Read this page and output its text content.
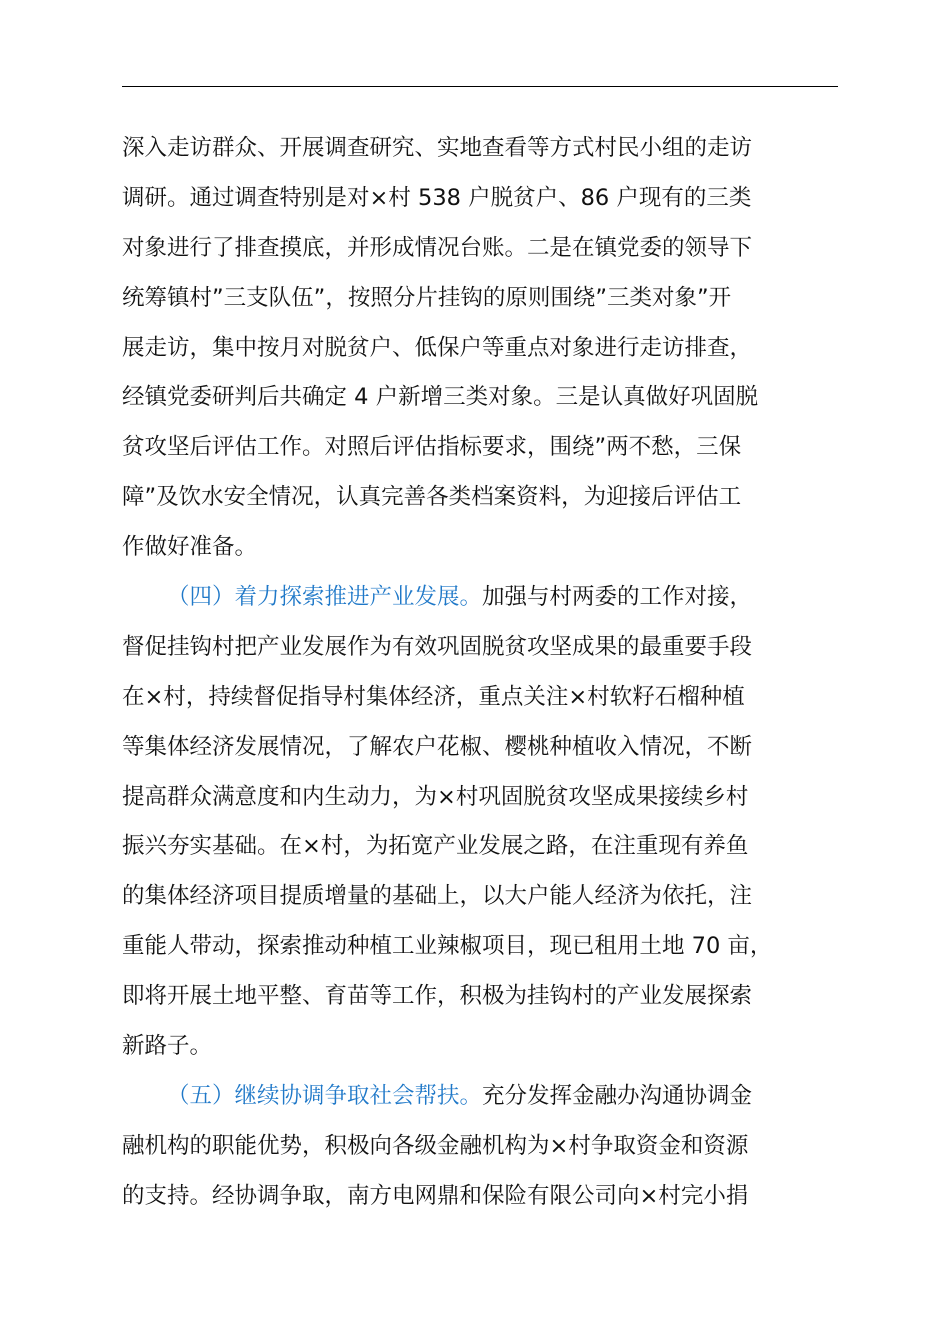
深入走访群众、开展调查研究、实地查看等方式村民小组的走访
调研。通过调查特别是对×村 538 户脱贫户、86 户现有的三类
对象进行了排查摸底，并形成情况台账。二是在镇党委的领导下
统筹镇村”三支队伍”，按照分片挂钩的原则围绕”三类对象”开
展走访，集中按月对脱贫户、低保户等重点对象进行走访排查，
经镇党委研判后共确定 4 户新增三类对象。三是认真做好巩固脱
贫攻坚后评估工作。对照后评估指标要求，围绕”两不愁，三保
障”及饮水安全情况，认真完善各类档案资料，为迎接后评估工
作做好准备。
（四）着力探索推进产业发展。加强与村两委的工作对接，
督促挂钩村把产业发展作为有效巩固脱贫攻坚成果的最重要手段
在×村，持续督促指导村集体经济，重点关注×村软籽石榴种植
等集体经济发展情况，了解农户花椒、樱桃种植收入情况，不断
提高群众满意度和内生动力，为×村巩固脱贫攻坚成果接续乡村
振兴夯实基础。在×村，为拓宽产业发展之路，在注重现有养鱼
的集体经济项目提质增量的基础上，以大户能人经济为依托，注
重能人带动，探索推动种植工业辣椒项目，现已租用土地 70 亩，
即将开展土地平整、育苗等工作，积极为挂钩村的产业发展探索
新路子。
（五）继续协调争取社会帮扶。充分发挥金融办沟通协调金
融机构的职能优势，积极向各级金融机构为×村争取资金和资源
的支持。经协调争取，南方电网鼎和保险有限公司向×村完小捐
